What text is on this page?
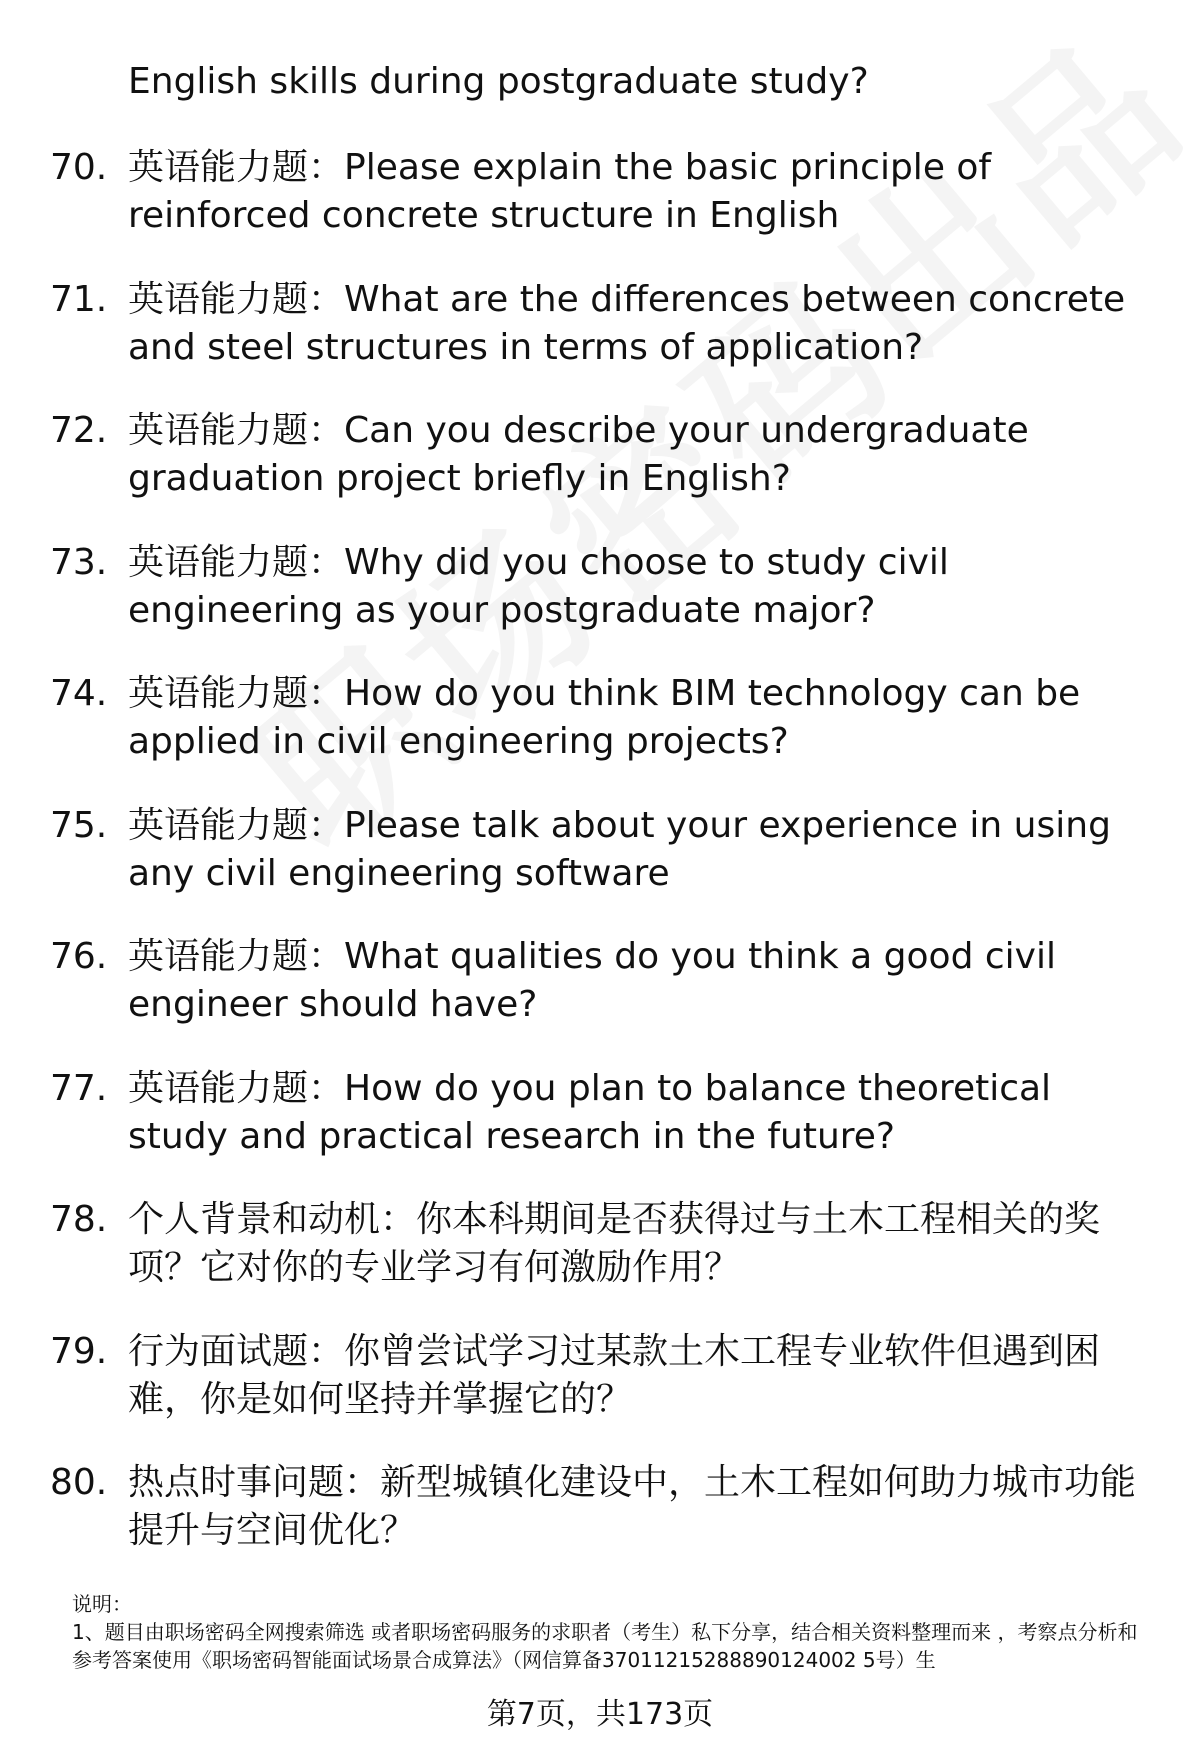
English skills during postgraduate study?
70. 英语能力题：Please explain the basic principle of reinforced concrete structure in English
71. 英语能力题：What are the differences between concrete and steel structures in terms of application?
72. 英语能力题：Can you describe your undergraduate graduation project briefly in English?
73. 英语能力题：Why did you choose to study civil engineering as your postgraduate major?
74. 英语能力题：How do you think BIM technology can be applied in civil engineering projects?
75. 英语能力题：Please talk about your experience in using any civil engineering software
76. 英语能力题：What qualities do you think a good civil engineer should have?
77. 英语能力题：How do you plan to balance theoretical study and practical research in the future?
78. 个人背景和动机：你本科期间是否获得过与土木工程相关的奖项？它对你的专业学习有何激励作用？
79. 行为面试题：你曾尝试学习过某款土木工程专业软件但遇到困难，你是如何坚持并掌握它的？
80. 热点时事问题：新型城镇化建设中，土木工程如何助力城市功能提升与空间优化？
说明：
1、题目由职场密码全网搜索筛选 或者职场密码服务的求职者（考生）私下分享，结合相关资料整理而来 ，考察点分析和参考答案使用《职场密码智能面试场景合成算法》（网信算备37011215288890124002 5号）生
第7页，共173页
